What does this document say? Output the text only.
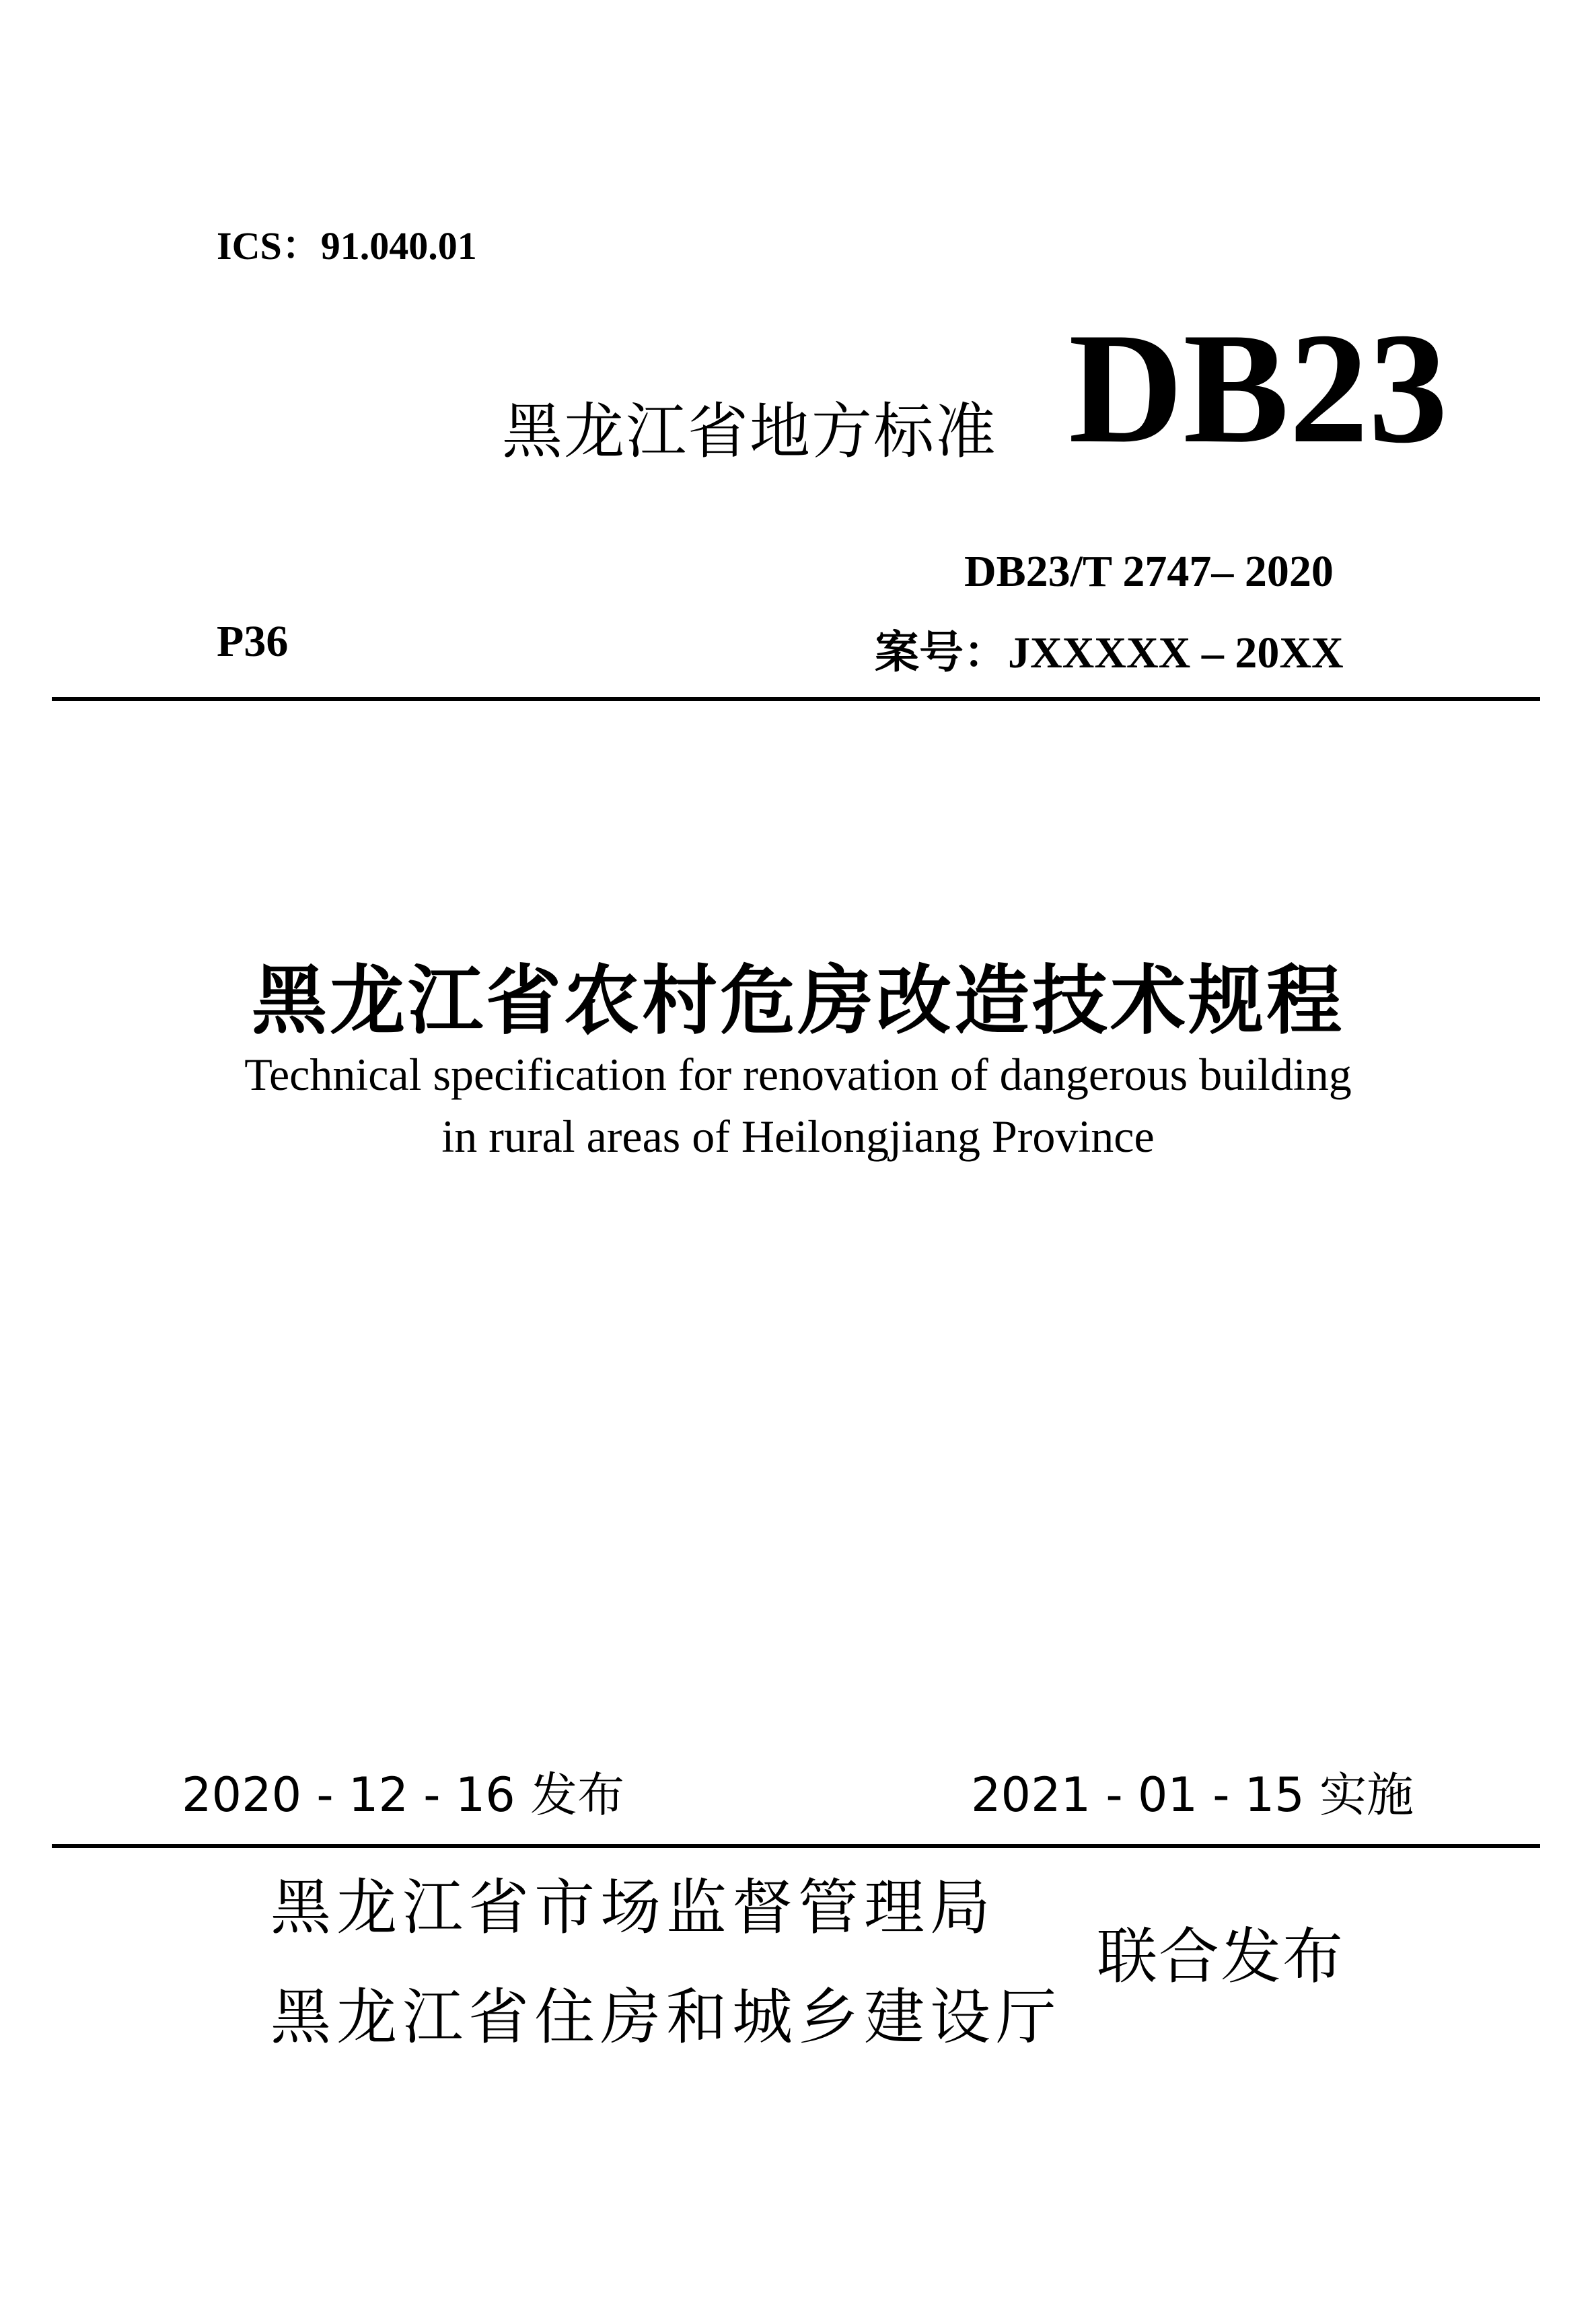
ICS：91.040.01
黑龙江省地方标准 DB23
DB23/T 2747– 2020
P36	案号：JXXXXX – 20XX
黑龙江省农村危房改造技术规程
Technical specification for renovation of dangerous building
in rural areas of Heilongjiang Province
2020 - 12 - 16 发布	2021 - 01 - 15 实施
黑龙江省市场监督管理局
黑龙江省住房和城乡建设厅
联合发布
